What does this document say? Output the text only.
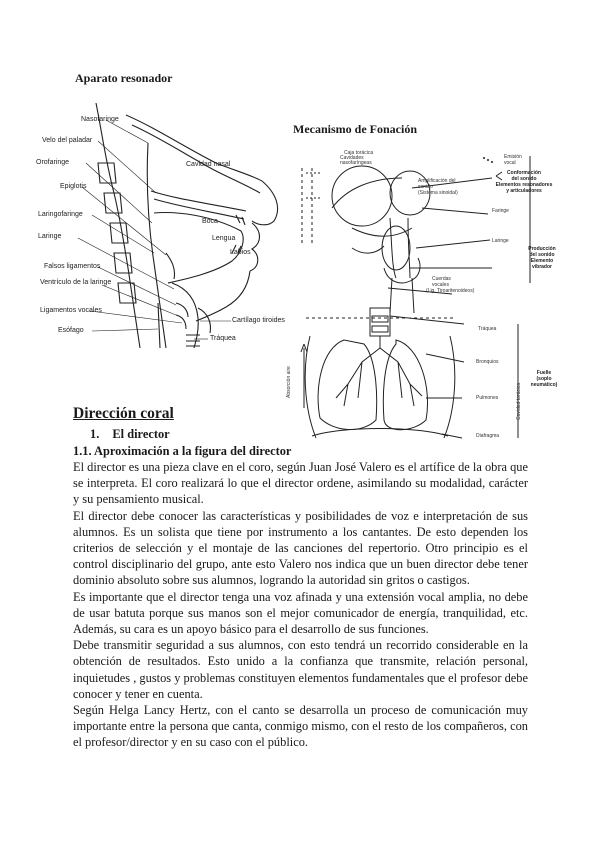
Aparato resonador
Mecanismo de Fonación
Nasofaringe
Velo del paladar
Orofaringe
Epiglotis
Laringofaringe
Laringe
Falsos ligamentos
Ventrículo de la laringe
Ligamentos vocales
Esófago
Cavidad nasal
Boca
Lengua
Labios
Cartílago tiroides
Tráquea
Caja torácica
Cavidades
nasofaríngeas
Amplificación del
sonido
(Sistema sinoidal)
Emisión
vocal
Conformación
del sonido
Elementos resonadores
y articuladores
Faringe
Laringe
Producción
del sonido
Elemento
vibrador
Cuerdas
vocales
(Lig. Tiroaritenoideos)
Tráquea
Bronquios
Pulmones
Diafragma
Fuelle
(soplo
neumático)
Absorción aire
Cavidad torácica
Dirección coral
1. El director
1.1. Aproximación a la figura del director

El director es una pieza clave en el coro, según Juan José Valero es el artífice de la obra que se interpreta. El coro realizará lo que el director ordene, asimilando su modalidad, carácter y su pensamiento musical.

El director debe conocer las características y posibilidades de voz e interpretación de sus alumnos. Es un solista que tiene por instrumento a los cantantes. De esto dependen los criterios de selección y el montaje de las canciones del repertorio. Otro principio es el control disciplinario del grupo, ante esto Valero nos indica que un buen director debe tener dominio absoluto sobre sus alumnos, logrando la autoridad sin gritos o castigos.

Es importante que el director tenga una voz afinada y una extensión vocal amplia, no debe de usar batuta porque sus manos son el mejor comunicador de energía, tranquilidad, etc. Además, su cara es un apoyo básico para el desarrollo de sus funciones.

Debe transmitir seguridad a sus alumnos, con esto tendrá un recorrido considerable en la obtención de resultados. Esto unido a la confianza que transmite, relación personal, inquietudes , gustos y problemas constituyen elementos fundamentales que el profesor debe conocer y tener en cuenta.

Según Helga Lancy Hertz, con el canto se desarrolla un proceso de comunicación muy importante entre la persona que canta, conmigo mismo, con el resto de los compañeros, con el profesor/director y en su caso con el público.
